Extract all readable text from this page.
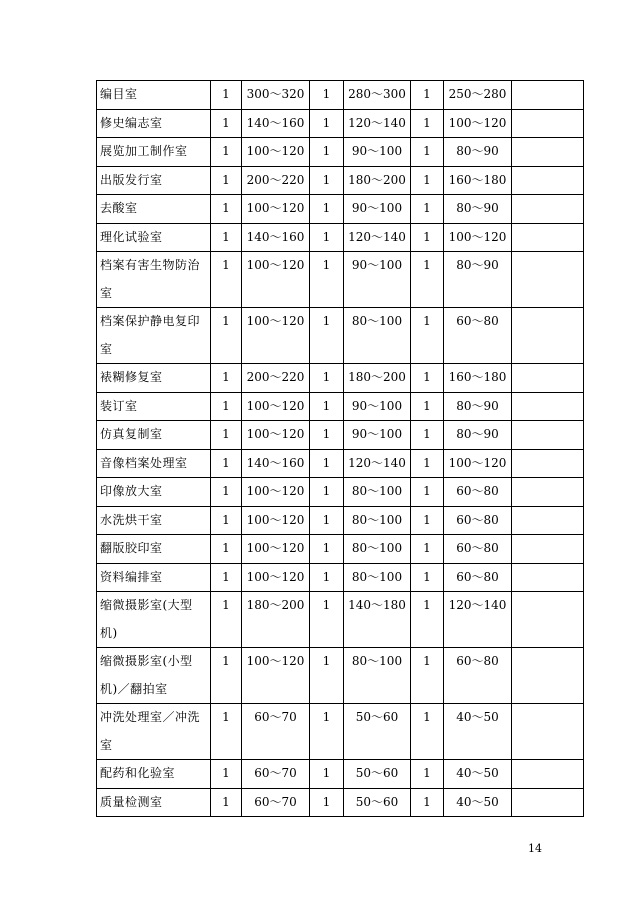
编目室	1	300～320	1	280～300	1	250～280	
修史编志室	1	140～160	1	120～140	1	100～120	
展览加工制作室	1	100～120	1	90～100	1	80～90	
出版发行室	1	200～220	1	180～200	1	160～180	
去酸室	1	100～120	1	90～100	1	80～90	
理化试验室	1	140～160	1	120～140	1	100～120	
档案有害生物防治室	1	100～120	1	90～100	1	80～90	
档案保护静电复印室	1	100～120	1	80～100	1	60～80	
裱糊修复室	1	200～220	1	180～200	1	160～180	
装订室	1	100～120	1	90～100	1	80～90	
仿真复制室	1	100～120	1	90～100	1	80～90	
音像档案处理室	1	140～160	1	120～140	1	100～120	
印像放大室	1	100～120	1	80～100	1	60～80	
水洗烘干室	1	100～120	1	80～100	1	60～80	
翻版胶印室	1	100～120	1	80～100	1	60～80	
资料编排室	1	100～120	1	80～100	1	60～80	
缩微摄影室(大型机)	1	180～200	1	140～180	1	120～140	
缩微摄影室(小型机)／翻拍室	1	100～120	1	80～100	1	60～80	
冲洗处理室／冲洗室	1	60～70	1	50～60	1	40～50	
配药和化验室	1	60～70	1	50～60	1	40～50	
质量检测室	1	60～70	1	50～60	1	40～50	
14
